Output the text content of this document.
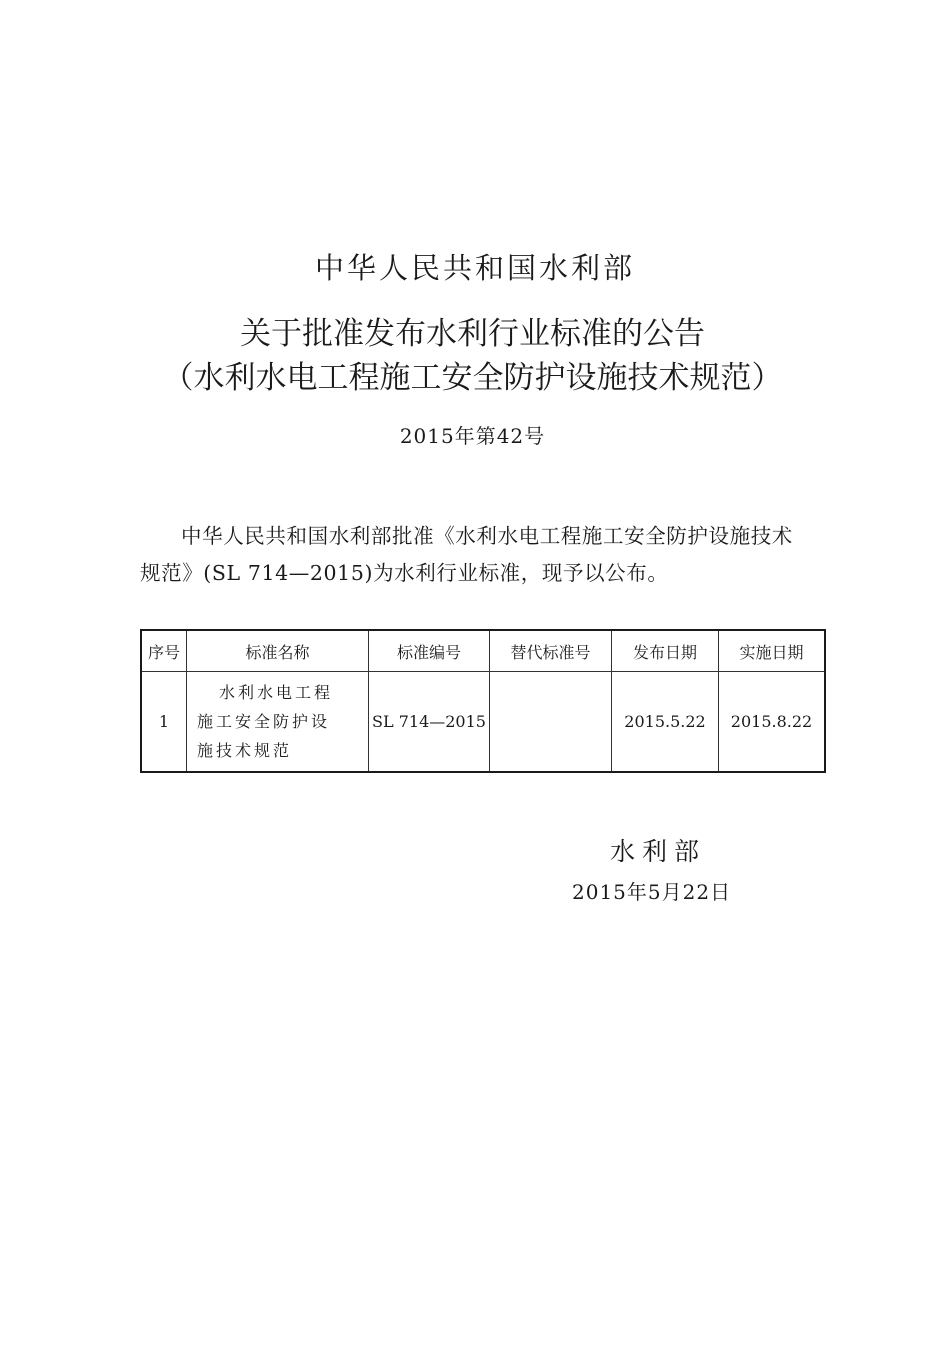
中华人民共和国水利部
关于批准发布水利行业标准的公告
（水利水电工程施工安全防护设施技术规范）
2015年第42号
中华人民共和国水利部批准《水利水电工程施工安全防护设施技术规范》(SL 714—2015)为水利行业标准，现予以公布。
序号	标准名称	标准编号	替代标准号	发布日期	实施日期
1	水利水电工程
施工安全防护设
施技术规范	SL 714—2015		2015.5.22	2015.8.22
水利部
2015年5月22日
